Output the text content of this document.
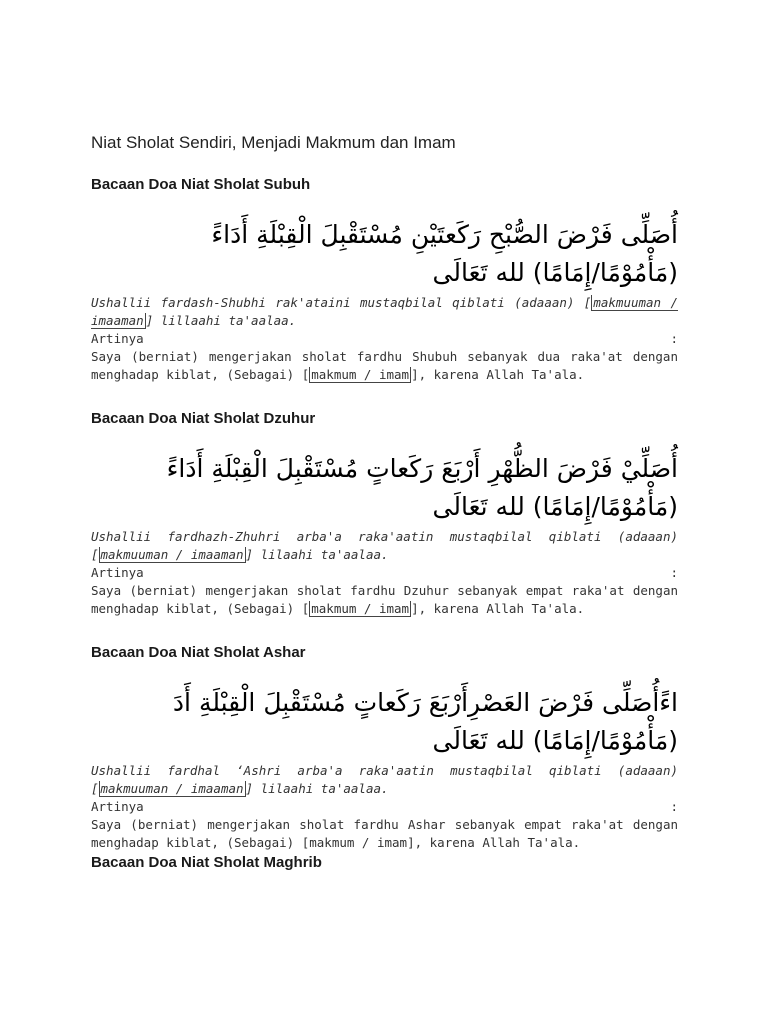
Niat Sholat Sendiri, Menjadi Makmum dan Imam
Bacaan Doa Niat Sholat Subuh
أُصَلِّى فَرْضَ الصُّبْحِ رَكَعتَيْنِ مُسْتَقْبِلَ الْقِبْلَةِ أَدَاءً
(مَأْمُوْمًا/إِمَامًا) لله تَعَالَى
Ushallii fardash-Shubhi rak'ataini mustaqbilal qiblati (adaaan) [ makmuuman / imaaman ] lillaahi ta'aalaa.
Artinya	:
Saya (berniat) mengerjakan sholat fardhu Shubuh sebanyak dua raka'at dengan menghadap kiblat, (Sebagai) [ makmum / imam ], karena Allah Ta'ala.
Bacaan Doa Niat Sholat Dzuhur
أُصَلِّيْ فَرْضَ الظُّهْرِ أَرْبَعَ رَكَعاتٍ مُسْتَقْبِلَ الْقِبْلَةِ أَدَاءً
(مَأْمُوْمًا/إِمَامًا) لله تَعَالَى
Ushallii fardhazh-Zhuhri arba'a raka'aatin mustaqbilal qiblati (adaaan) [ makmuuman / imaaman ] lilaahi ta'aalaa.
Artinya	:
Saya (berniat) mengerjakan sholat fardhu Dzuhur sebanyak empat raka'at dengan menghadap kiblat, (Sebagai) [ makmum / imam ], karena Allah Ta'ala.
Bacaan Doa Niat Sholat Ashar
اءًأُصَلِّى فَرْضَ العَصْرِأَرْبَعَ رَكَعاتٍ مُسْتَقْبِلَ الْقِبْلَةِ أَدَ
(مَأْمُوْمًا/إِمَامًا) لله تَعَالَى
Ushallii fardhal ‘Ashri arba'a raka'aatin mustaqbilal qiblati (adaaan) [ makmuuman / imaaman ] lilaahi ta'aalaa.
Artinya	:
Saya (berniat) mengerjakan sholat fardhu Ashar sebanyak empat raka'at dengan menghadap kiblat, (Sebagai) [makmum / imam], karena Allah Ta'ala.
Bacaan Doa Niat Sholat Maghrib
